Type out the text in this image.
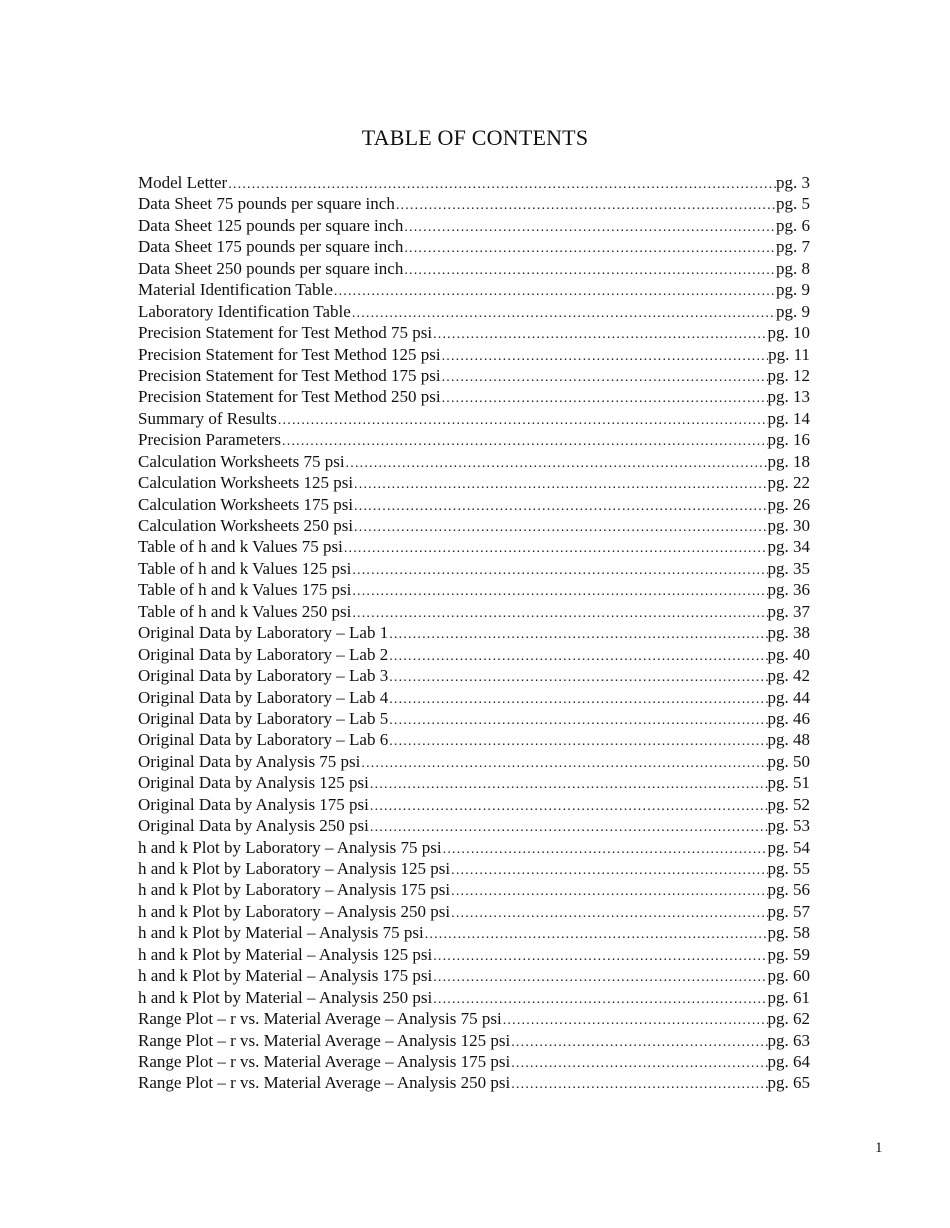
TABLE OF CONTENTS
Model Letter .....	pg. 3
Data Sheet 75 pounds per square inch .....	pg. 5
Data Sheet 125 pounds per square inch .....	pg. 6
Data Sheet 175 pounds per square inch .....	pg. 7
Data Sheet 250 pounds per square inch .....	pg. 8
Material Identification Table .....	pg. 9
Laboratory Identification Table .....	pg. 9
Precision Statement for Test Method 75 psi .....	pg. 10
Precision Statement for Test Method 125 psi .....	pg. 11
Precision Statement for Test Method 175 psi .....	pg. 12
Precision Statement for Test Method 250 psi .....	pg. 13
Summary of Results .....	pg. 14
Precision Parameters .....	pg. 16
Calculation Worksheets 75 psi .....	pg. 18
Calculation Worksheets 125 psi .....	pg. 22
Calculation Worksheets 175 psi .....	pg. 26
Calculation Worksheets 250 psi .....	pg. 30
Table of h and k Values 75 psi .....	pg. 34
Table of h and k Values 125 psi .....	pg. 35
Table of h and k Values 175 psi .....	pg. 36
Table of h and k Values 250 psi .....	pg. 37
Original Data by Laboratory – Lab 1 .....	pg. 38
Original Data by Laboratory – Lab 2 .....	pg. 40
Original Data by Laboratory – Lab 3 .....	pg. 42
Original Data by Laboratory – Lab 4 .....	pg. 44
Original Data by Laboratory – Lab 5 .....	pg. 46
Original Data by Laboratory – Lab 6 .....	pg. 48
Original Data by Analysis 75 psi .....	pg. 50
Original Data by Analysis 125 psi .....	pg. 51
Original Data by Analysis 175 psi .....	pg. 52
Original Data by Analysis 250 psi .....	pg. 53
h and k Plot by Laboratory – Analysis 75 psi .....	pg. 54
h and k Plot by Laboratory – Analysis 125 psi .....	pg. 55
h and k Plot by Laboratory – Analysis 175 psi .....	pg. 56
h and k Plot by Laboratory – Analysis 250 psi .....	pg. 57
h and k Plot by Material – Analysis 75 psi .....	pg. 58
h and k Plot by Material – Analysis 125 psi .....	pg. 59
h and k Plot by Material – Analysis 175 psi .....	pg. 60
h and k Plot by Material – Analysis 250 psi .....	pg. 61
Range Plot – r vs. Material Average – Analysis 75 psi .....	pg. 62
Range Plot – r vs. Material Average – Analysis 125 psi .....	pg. 63
Range Plot – r vs. Material Average – Analysis 175 psi .....	pg. 64
Range Plot – r vs. Material Average – Analysis 250 psi .....	pg. 65
1
